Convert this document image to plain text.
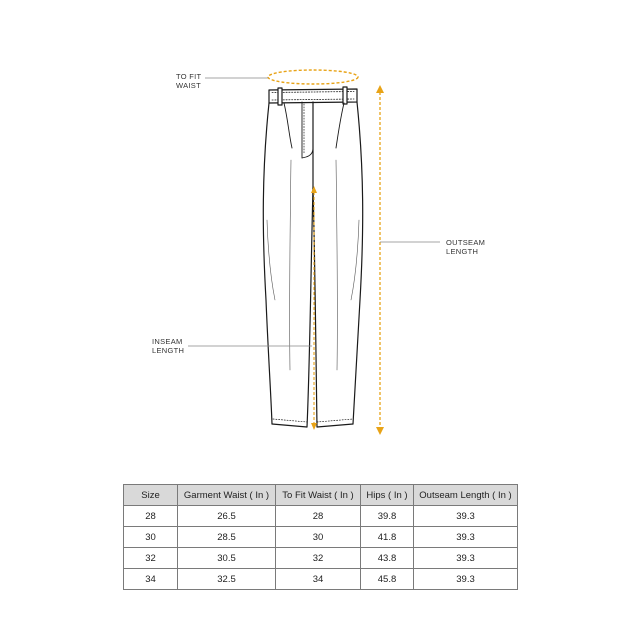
TO FIT
WAIST
OUTSEAM
LENGTH
INSEAM
LENGTH
Size	Garment Waist ( In )	To Fit Waist ( In )	Hips ( In )	Outseam Length ( In )
28	26.5	28	39.8	39.3
30	28.5	30	41.8	39.3
32	30.5	32	43.8	39.3
34	32.5	34	45.8	39.3
